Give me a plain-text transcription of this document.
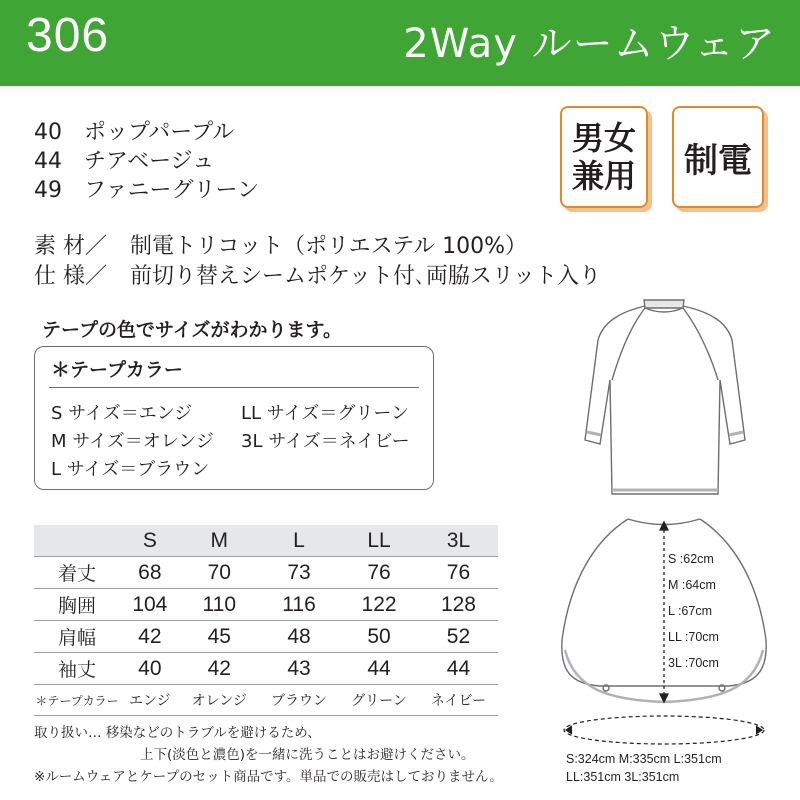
306	2Way ルームウェア
40 ポップパープル
44 チアベージュ
49 ファニーグリーン
男女
兼用 制電
素 材／ 制電トリコット（ポリエステル 100%）
仕 様／ 前切り替えシームポケット付､両脇スリット入り
テープの色でサイズがわかります。
＊テープカラー
S サイズ＝エンジ
M サイズ＝オレンジ
L サイズ＝ブラウン
LL サイズ＝グリーン
3L サイズ＝ネイビー
	S	M	L	LL	3L
着丈	68	70	73	76	76
胸囲	104	110	116	122	128
肩幅	42	45	48	50	52
袖丈	40	42	43	44	44
＊テープカラー	エンジ	オレンジ	ブラウン	グリーン	ネイビー
取り扱い… 移染などのトラブルを避けるため、
上下(淡色と濃色)を一緒に洗うことはお避けください。
※ルームウェアとケープのセット商品です。単品での販売はしておりません。
S :62cm
M :64cm
L :67cm
LL :70cm
3L :70cm
S:324cm M:335cm L:351cm
LL:351cm 3L:351cm
